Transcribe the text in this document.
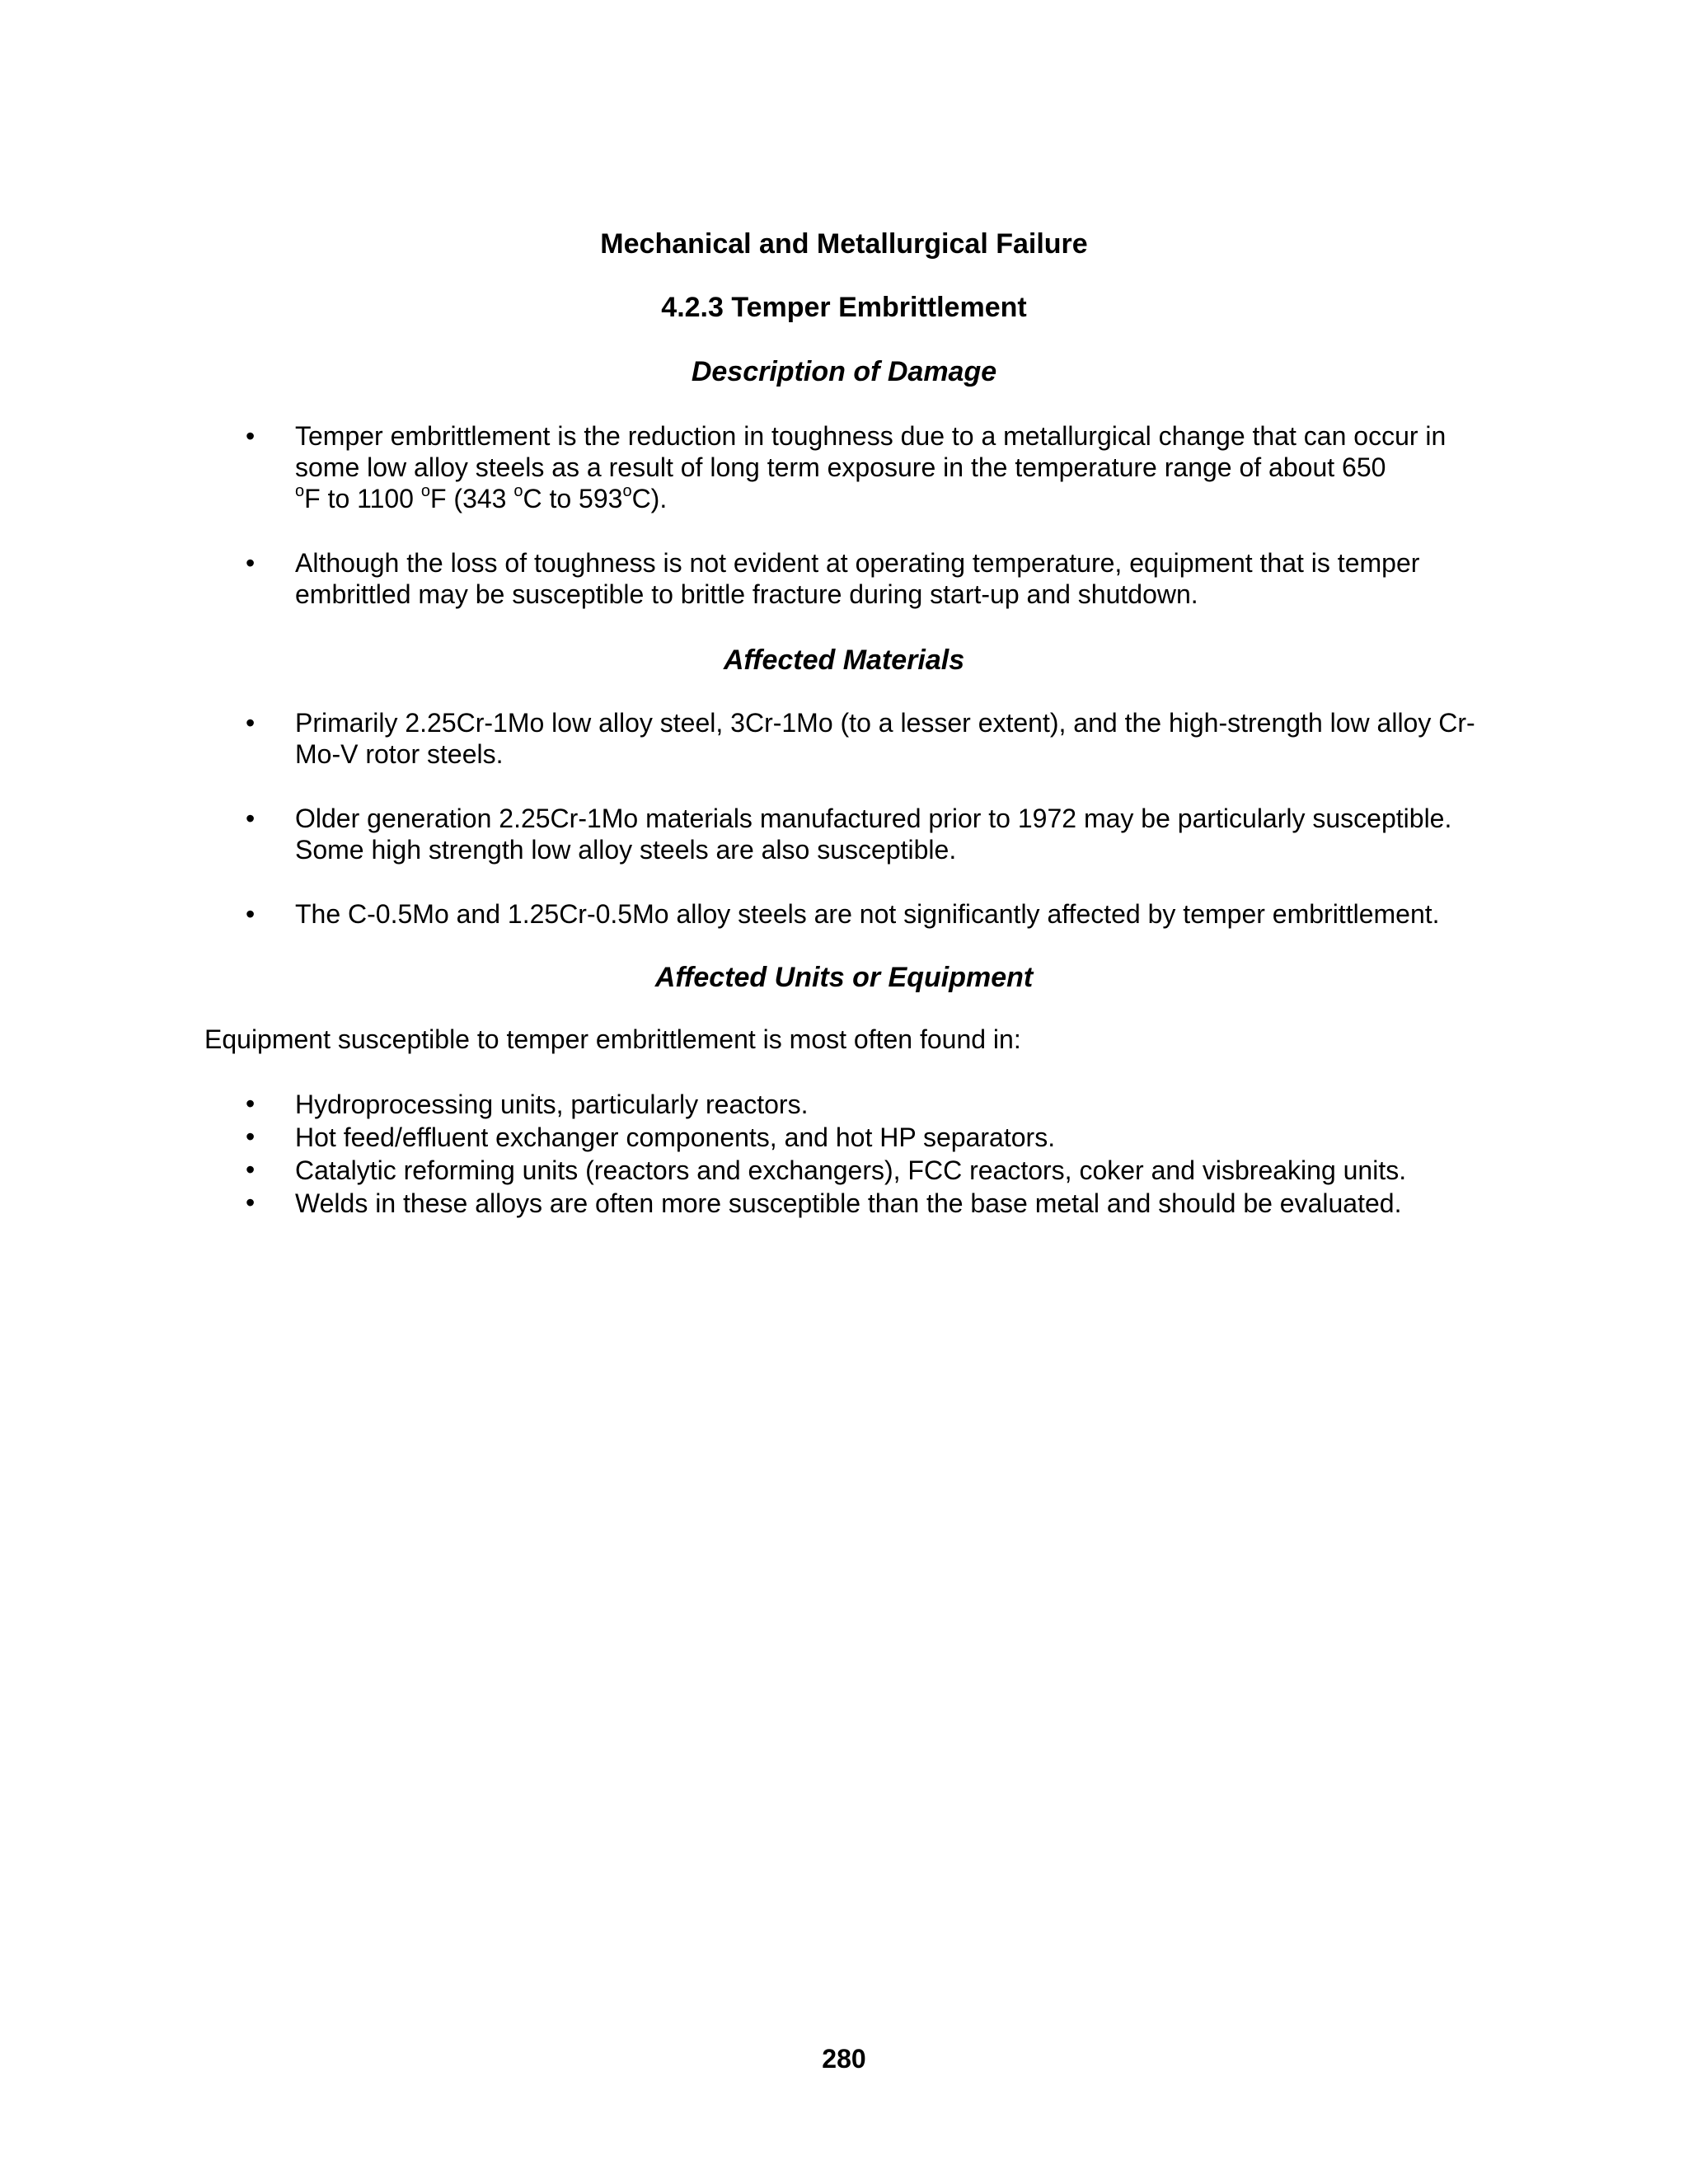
Mechanical and Metallurgical Failure
4.2.3 Temper Embrittlement
Description of Damage
• Temper embrittlement is the reduction in toughness due to a metallurgical change that can occur in some low alloy steels as a result of long term exposure in the temperature range of about 650
$^o$F to 1100 $^o$F (343 $^o$C to 593$^o$C).
• Although the loss of toughness is not evident at operating temperature, equipment that is temper embrittled may be susceptible to brittle fracture during start-up and shutdown.
Affected Materials
• Primarily 2.25Cr-1Mo low alloy steel, 3Cr-1Mo (to a lesser extent), and the high-strength low alloy Cr- Mo-V rotor steels.
• Older generation 2.25Cr-1Mo materials manufactured prior to 1972 may be particularly susceptible. Some high strength low alloy steels are also susceptible.
• The C-0.5Mo and 1.25Cr-0.5Mo alloy steels are not significantly affected by temper embrittlement.
Affected Units or Equipment
Equipment susceptible to temper embrittlement is most often found in:
• Hydroprocessing units, particularly reactors.
• Hot feed/effluent exchanger components, and hot HP separators.
• Catalytic reforming units (reactors and exchangers), FCC reactors, coker and visbreaking units.
• Welds in these alloys are often more susceptible than the base metal and should be evaluated.
280
